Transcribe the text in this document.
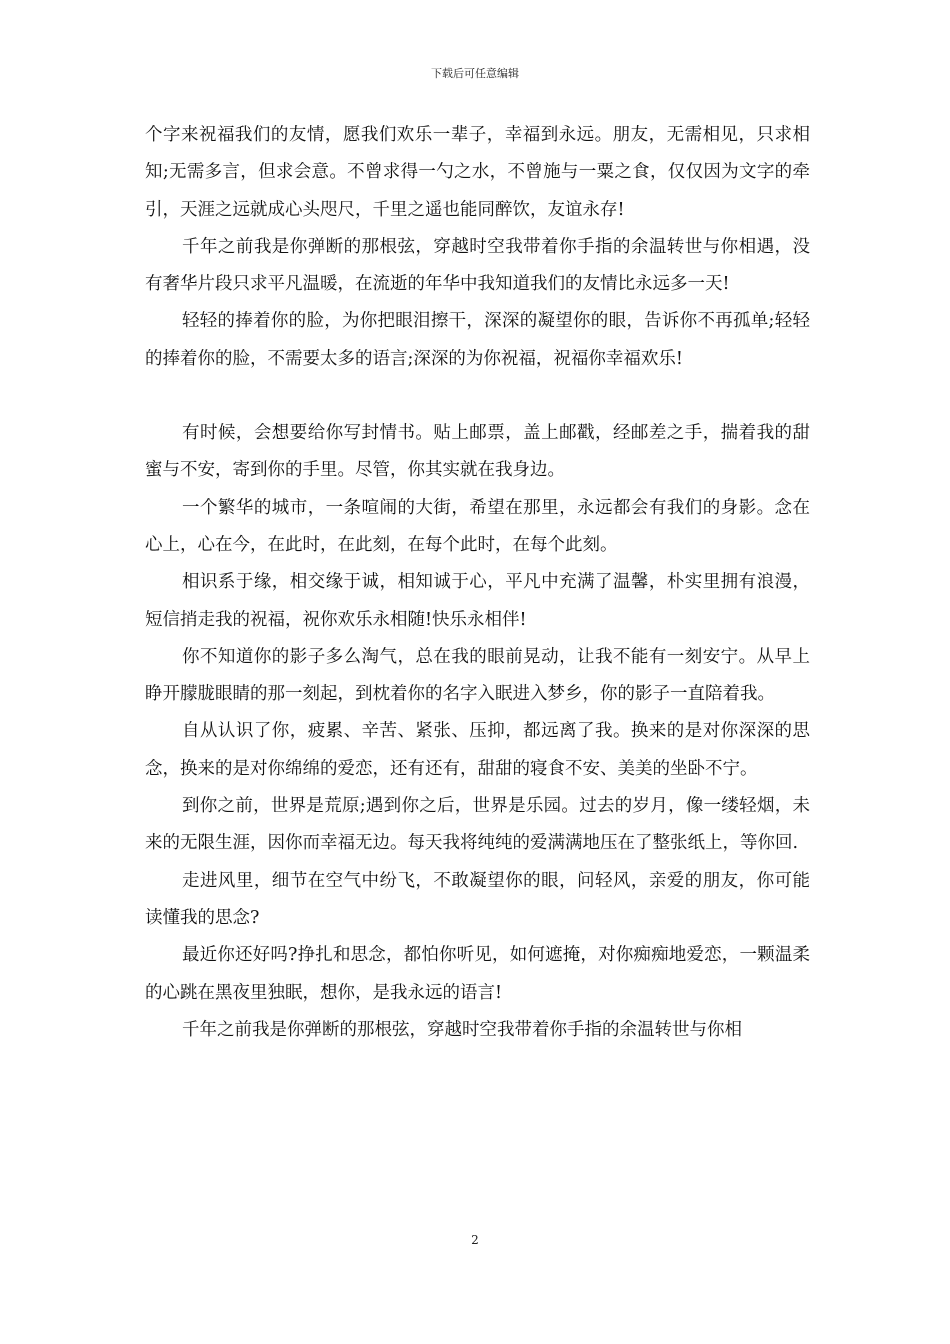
下载后可任意编辑

个字来祝福我们的友情，愿我们欢乐一辈子，幸福到永远。朋友，无需相见，只求相知;无需多言，但求会意。不曾求得一勺之水，不曾施与一粟之食，仅仅因为文字的牵引，天涯之远就成心头咫尺，千里之遥也能同醉饮，友谊永存!

千年之前我是你弹断的那根弦，穿越时空我带着你手指的余温转世与你相遇，没有奢华片段只求平凡温暖，在流逝的年华中我知道我们的友情比永远多一天!

轻轻的捧着你的脸，为你把眼泪擦干，深深的凝望你的眼，告诉你不再孤单;轻轻的捧着你的脸，不需要太多的语言;深深的为你祝福，祝福你幸福欢乐!

有时候，会想要给你写封情书。贴上邮票，盖上邮戳，经邮差之手，揣着我的甜蜜与不安，寄到你的手里。尽管，你其实就在我身边。

一个繁华的城市，一条喧闹的大街，希望在那里，永远都会有我们的身影。念在心上，心在今，在此时，在此刻，在每个此时，在每个此刻。

相识系于缘，相交缘于诚，相知诚于心，平凡中充满了温馨，朴实里拥有浪漫，短信捎走我的祝福，祝你欢乐永相随!快乐永相伴!

你不知道你的影子多么淘气，总在我的眼前晃动，让我不能有一刻安宁。从早上睁开朦胧眼睛的那一刻起，到枕着你的名字入眠进入梦乡，你的影子一直陪着我。

自从认识了你，疲累、辛苦、紧张、压抑，都远离了我。换来的是对你深深的思念，换来的是对你绵绵的爱恋，还有还有，甜甜的寝食不安、美美的坐卧不宁。

到你之前，世界是荒原;遇到你之后，世界是乐园。过去的岁月，像一缕轻烟，未来的无限生涯，因你而幸福无边。每天我将纯纯的爱满满地压在了整张纸上，等你回.

走进风里，细节在空气中纷飞，不敢凝望你的眼，问轻风，亲爱的朋友，你可能读懂我的思念?

最近你还好吗?挣扎和思念，都怕你听见，如何遮掩，对你痴痴地爱恋，一颗温柔的心跳在黑夜里独眠，想你，是我永远的语言!

千年之前我是你弹断的那根弦，穿越时空我带着你手指的余温转世与你相

2
